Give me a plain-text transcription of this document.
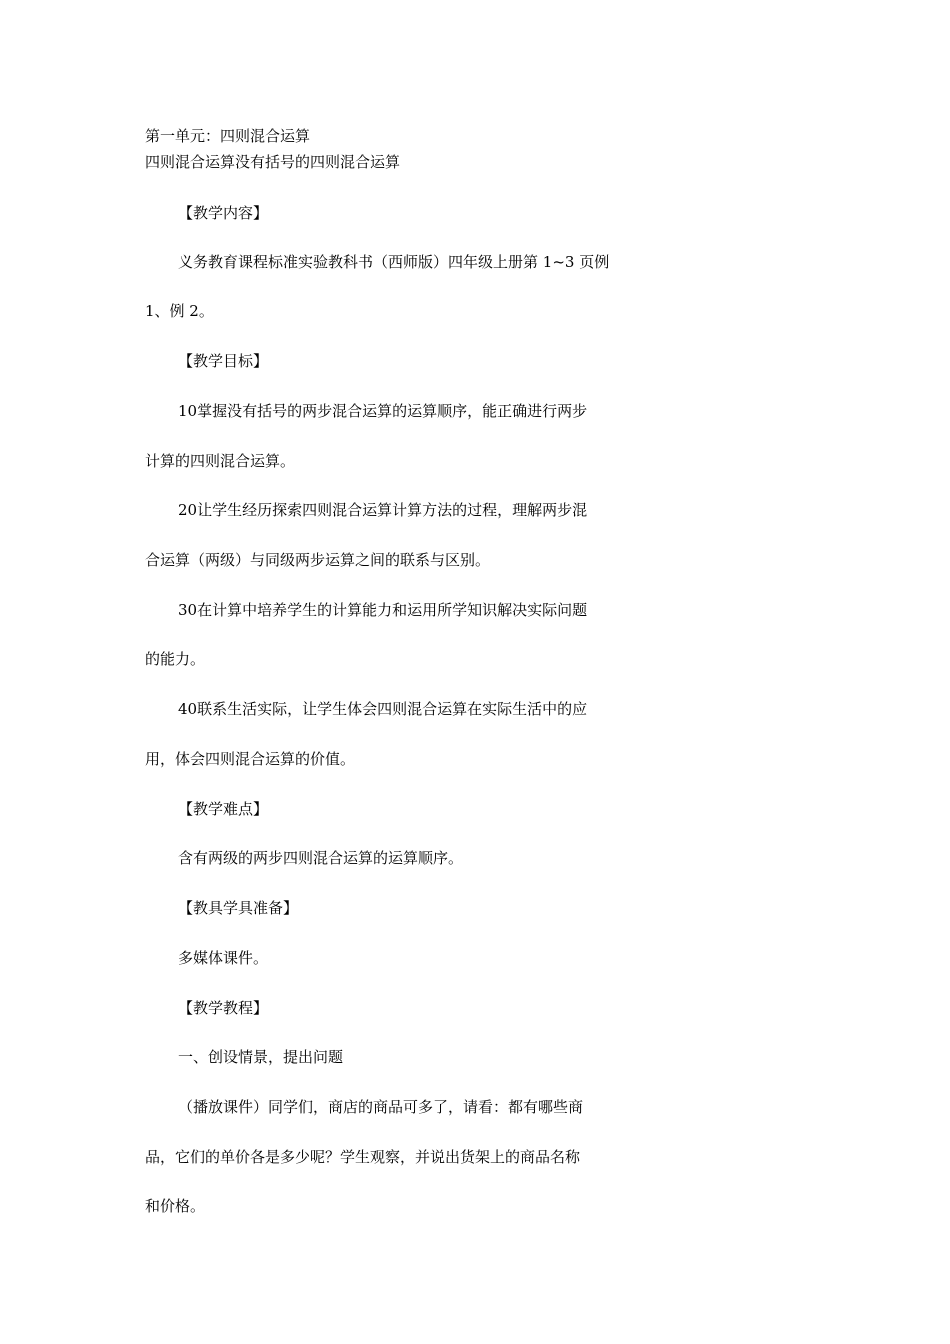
第一单元：四则混合运算
四则混合运算没有括号的四则混合运算
【教学内容】
义务教育课程标准实验教科书（西师版）四年级上册第 1~3 页例
1、例 2。
【教学目标】
10掌握没有括号的两步混合运算的运算顺序，能正确进行两步
计算的四则混合运算。
20让学生经历探索四则混合运算计算方法的过程，理解两步混
合运算（两级）与同级两步运算之间的联系与区别。
30在计算中培养学生的计算能力和运用所学知识解决实际问题
的能力。
40联系生活实际，让学生体会四则混合运算在实际生活中的应
用，体会四则混合运算的价值。
【教学难点】
含有两级的两步四则混合运算的运算顺序。
【教具学具准备】
多媒体课件。
【教学教程】
一、创设情景，提出问题
（播放课件）同学们，商店的商品可多了，请看：都有哪些商
品，它们的单价各是多少呢？学生观察，并说出货架上的商品名称
和价格。
